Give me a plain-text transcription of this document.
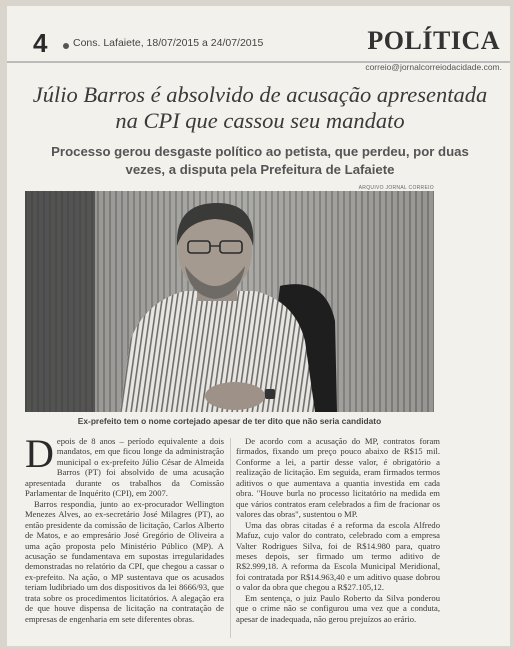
4 Cons. Lafaiete, 18/07/2015 a 24/07/2015	POLÍTICA
correio@jornalcorreiodacidade.com.
Júlio Barros é absolvido de acusação apresentada na CPI que cassou seu mandato
Processo gerou desgaste político ao petista, que perdeu, por duas vezes, a disputa pela Prefeitura de Lafaiete
ARQUIVO JORNAL CORREIO
Ex-prefeito tem o nome cortejado apesar de ter dito que não seria candidato

Depois de 8 anos – período equivalente a dois mandatos, em que ficou longe da administração municipal o ex-prefeito Júlio César de Almeida Barros (PT) foi absolvido de uma acusação apresentada durante os trabalhos da Comissão Parlamentar de Inquérito (CPI), em 2007.

Barros respondia, junto ao ex-procurador Wellington Menezes Alves, ao ex-secretário José Milagres (PT), ao então presidente da comissão de licitação, Carlos Alberto de Matos, e ao empresário José Gregório de Oliveira a uma ação proposta pelo Ministério Público (MP). A acusação se fundamentava em supostas irregularidades demonstradas no relatório da CPI, que chegou a cassar o ex-prefeito. Na ação, o MP sustentava que os acusados teriam ludibriado um dos dispositivos da lei 8666/93, que trata sobre os procedimentos licitatórios. A alegação era de que houve dispensa de licitação na contratação de empresas de engenharia em sete diferentes obras.

De acordo com a acusação do MP, contratos foram firmados, fixando um preço pouco abaixo de R$15 mil. Conforme a lei, a partir desse valor, é obrigatório a realização de licitação. Em seguida, eram firmados termos aditivos o que aumentava a quantia investida em cada obra. "Houve burla no processo licitatório na medida em que vários contratos eram celebrados a fim de fracionar os valores das obras", sustentou o MP.

Uma das obras citadas é a reforma da escola Alfredo Mafuz, cujo valor do contrato, celebrado com a empresa Valter Rodrigues Silva, foi de R$14.980 para, quatro meses depois, ser firmado um termo aditivo de R$2.999,18. A reforma da Escola Municipal Meridional, foi contratada por R$14.963,40 e um aditivo quase dobrou o valor da obra que chegou a R$27.105,12.

Em sentença, o juiz Paulo Roberto da Silva ponderou que o crime não se configurou uma vez que a conduta, apesar de inadequada, não gerou prejuízos ao erário.
